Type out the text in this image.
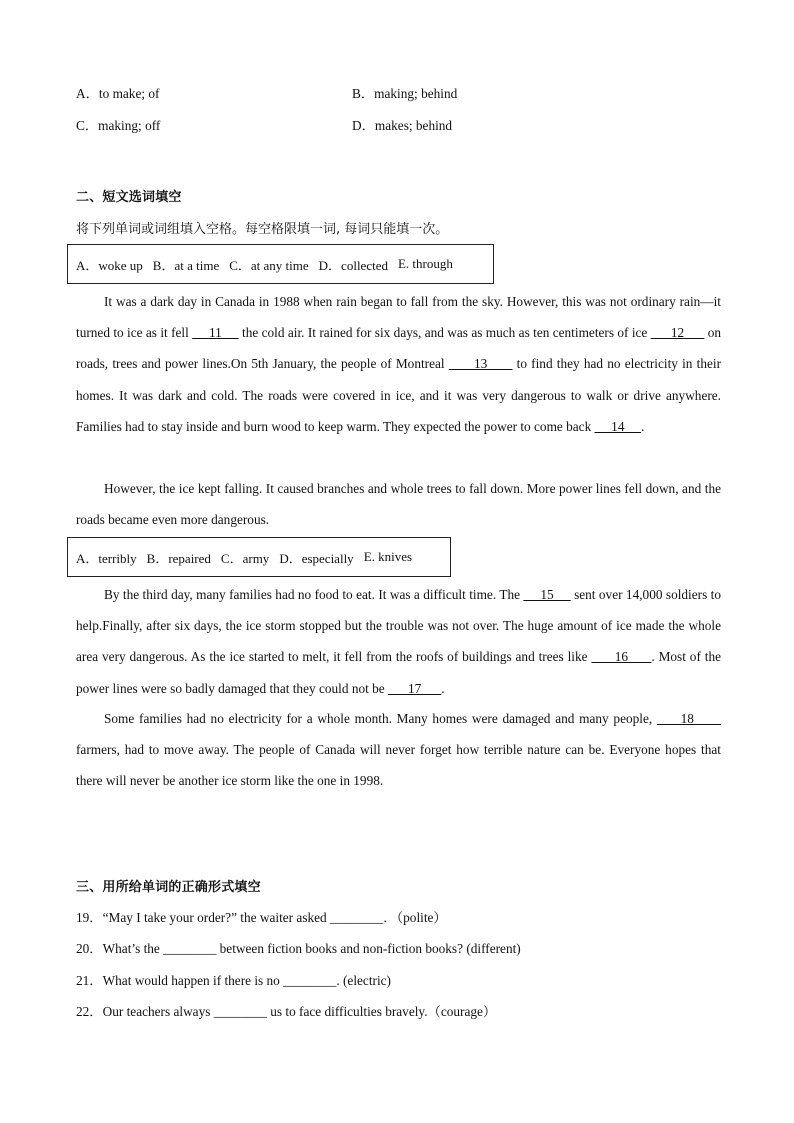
A．to make; of	B．making; behind
C．making; off	D．makes; behind
二、短文选词填空
将下列单词或词组填入空格。每空格限填一词, 每词只能填一次。
A．woke up B．at a time C．at any time D．collected E. through
It was a dark day in Canada in 1988 when rain began to fall from the sky. However, this was not ordinary rain—it turned to ice as it fell      11      the cold air. It rained for six days, and was as much as ten centimeters of ice       12       on roads, trees and power lines.On 5th January, the people of Montreal       13       to find they had no electricity in their homes. It was dark and cold. The roads were covered in ice, and it was very dangerous to walk or drive anywhere. Families had to stay inside and burn wood to keep warm. They expected the power to come back      14     .
However, the ice kept falling. It caused branches and whole trees to fall down. More power lines fell down, and the roads became even more dangerous.
A．terribly B．repaired C．army D．especially E. knives
By the third day, many families had no food to eat. It was a difficult time. The      15      sent over 14,000 soldiers to help.Finally, after six days, the ice storm stopped but the trouble was not over. The huge amount of ice made the whole area very dangerous. As the ice started to melt, it fell from the roofs of buildings and trees like       16      . Most of the power lines were so badly damaged that they could not be       17      .
Some families had no electricity for a whole month. Many homes were damaged and many people,      18       farmers, had to move away. The people of Canada will never forget how terrible nature can be. Everyone hopes that there will never be another ice storm like the one in 1998.
三、用所给单词的正确形式填空
19．“May I take your order?” the waiter asked ________．（polite）
20．What’s the ________ between fiction books and non-fiction books? (different)
21．What would happen if there is no ________. (electric)
22．Our teachers always ________ us to face difficulties bravely.（courage）
